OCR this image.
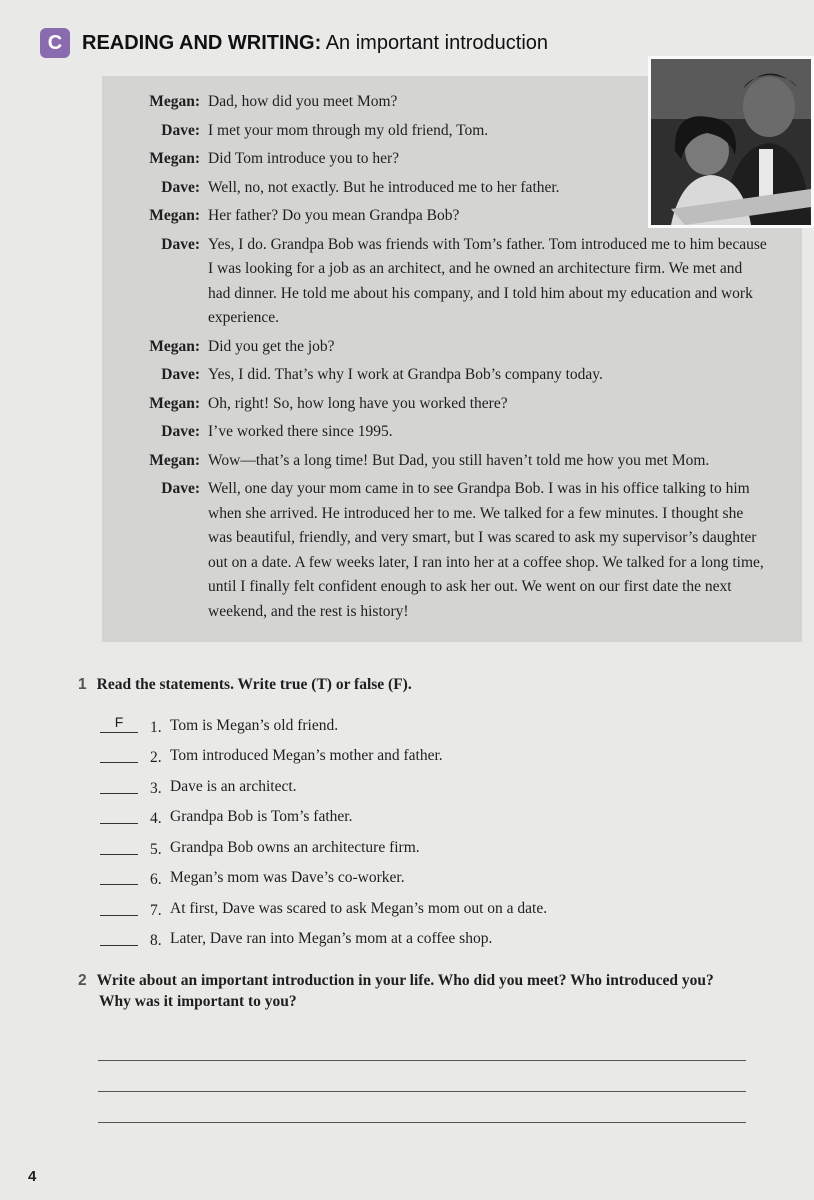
C READING AND WRITING: An important introduction
Megan: Dad, how did you meet Mom?
Dave: I met your mom through my old friend, Tom.
Megan: Did Tom introduce you to her?
Dave: Well, no, not exactly. But he introduced me to her father.
Megan: Her father? Do you mean Grandpa Bob?
Dave: Yes, I do. Grandpa Bob was friends with Tom’s father. Tom introduced me to him because I was looking for a job as an architect, and he owned an architecture firm. We met and had dinner. He told me about his company, and I told him about my education and work experience.
Megan: Did you get the job?
Dave: Yes, I did. That’s why I work at Grandpa Bob’s company today.
Megan: Oh, right! So, how long have you worked there?
Dave: I’ve worked there since 1995.
Megan: Wow—that’s a long time! But Dad, you still haven’t told me how you met Mom.
Dave: Well, one day your mom came in to see Grandpa Bob. I was in his office talking to him when she arrived. He introduced her to me. We talked for a few minutes. I thought she was beautiful, friendly, and very smart, but I was scared to ask my supervisor’s daughter out on a date. A few weeks later, I ran into her at a coffee shop. We talked for a long time, until I finally felt confident enough to ask her out. We went on our first date the next weekend, and the rest is history!
1 Read the statements. Write true (T) or false (F).
F	1. Tom is Megan’s old friend.
2. Tom introduced Megan’s mother and father.
3. Dave is an architect.
4. Grandpa Bob is Tom’s father.
5. Grandpa Bob owns an architecture firm.
6. Megan’s mom was Dave’s co-worker.
7. At first, Dave was scared to ask Megan’s mom out on a date.
8. Later, Dave ran into Megan’s mom at a coffee shop.
2 Write about an important introduction in your life. Who did you meet? Who introduced you?
Why was it important to you?
4
